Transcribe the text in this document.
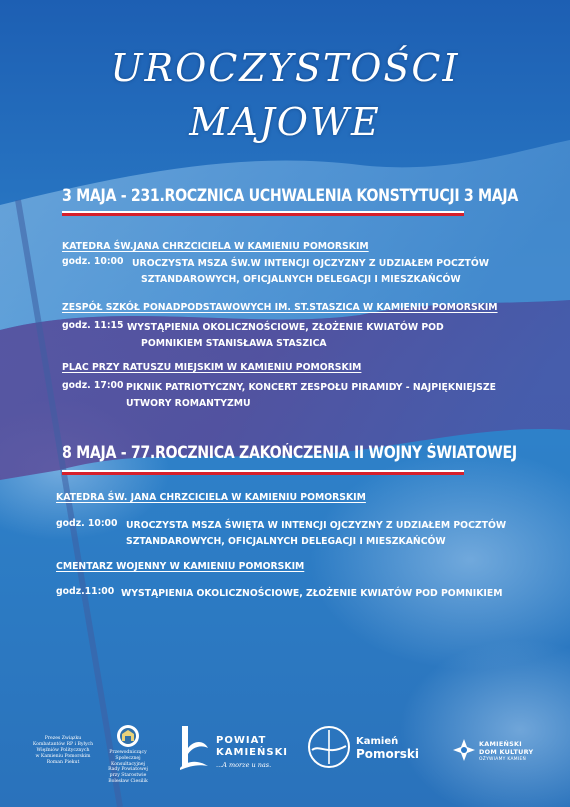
UROCZYSTOŚCI
MAJOWE
3 MAJA - 231.ROCZNICA UCHWALENIA KONSTYTUCJI 3 MAJA
KATEDRA ŚW.JANA CHRZCICIELA W KAMIENIU POMORSKIM
godz. 10:00 UROCZYSTA MSZA ŚW.W INTENCJI OJCZYZNY Z UDZIAŁEM POCZTÓW
SZTANDAROWYCH, OFICJALNYCH DELEGACJI I MIESZKAŃCÓW
ZESPÓŁ SZKÓŁ PONADPODSTAWOWYCH IM. ST.STASZICA W KAMIENIU POMORSKIM
godz. 11:15 WYSTĄPIENIA OKOLICZNOŚCIOWE, ZŁOŻENIE KWIATÓW POD
POMNIKIEM STANISŁAWA STASZICA
PLAC PRZY RATUSZU MIEJSKIM W KAMIENIU POMORSKIM
godz. 17:00 PIKNIK PATRIOTYCZNY, KONCERT ZESPOŁU PIRAMIDY - NAJPIĘKNIEJSZE
UTWORY ROMANTYZMU
8 MAJA - 77.ROCZNICA ZAKOŃCZENIA II WOJNY ŚWIATOWEJ
KATEDRA ŚW. JANA CHRZCICIELA W KAMIENIU POMORSKIM
godz. 10:00 UROCZYSTA MSZA ŚWIĘTA W INTENCJI OJCZYZNY Z UDZIAŁEM POCZTÓW
SZTANDAROWYCH, OFICJALNYCH DELEGACJI I MIESZKAŃCÓW
CMENTARZ WOJENNY W KAMIENIU POMORSKIM
godz.11:00 WYSTĄPIENIA OKOLICZNOŚCIOWE, ZŁOŻENIE KWIATÓW POD POMNIKIEM
Prezes Związku
Kombatantów RP i Byłych
Więźniów Politycznych
w Kamieniu Pomorskim
Roman Piekut
Przewodniczący
Społecznej Konsultacyjnej
Rady Powiatowej
przy Starostwie
Bolesław Ciesilik
POWIAT
KAMIEŃSKI
...A morze u nas.
Kamień
Pomorski
KAMIEŃSKI
DOM KULTURY
OŻYWIAMY KAMIEŃ
